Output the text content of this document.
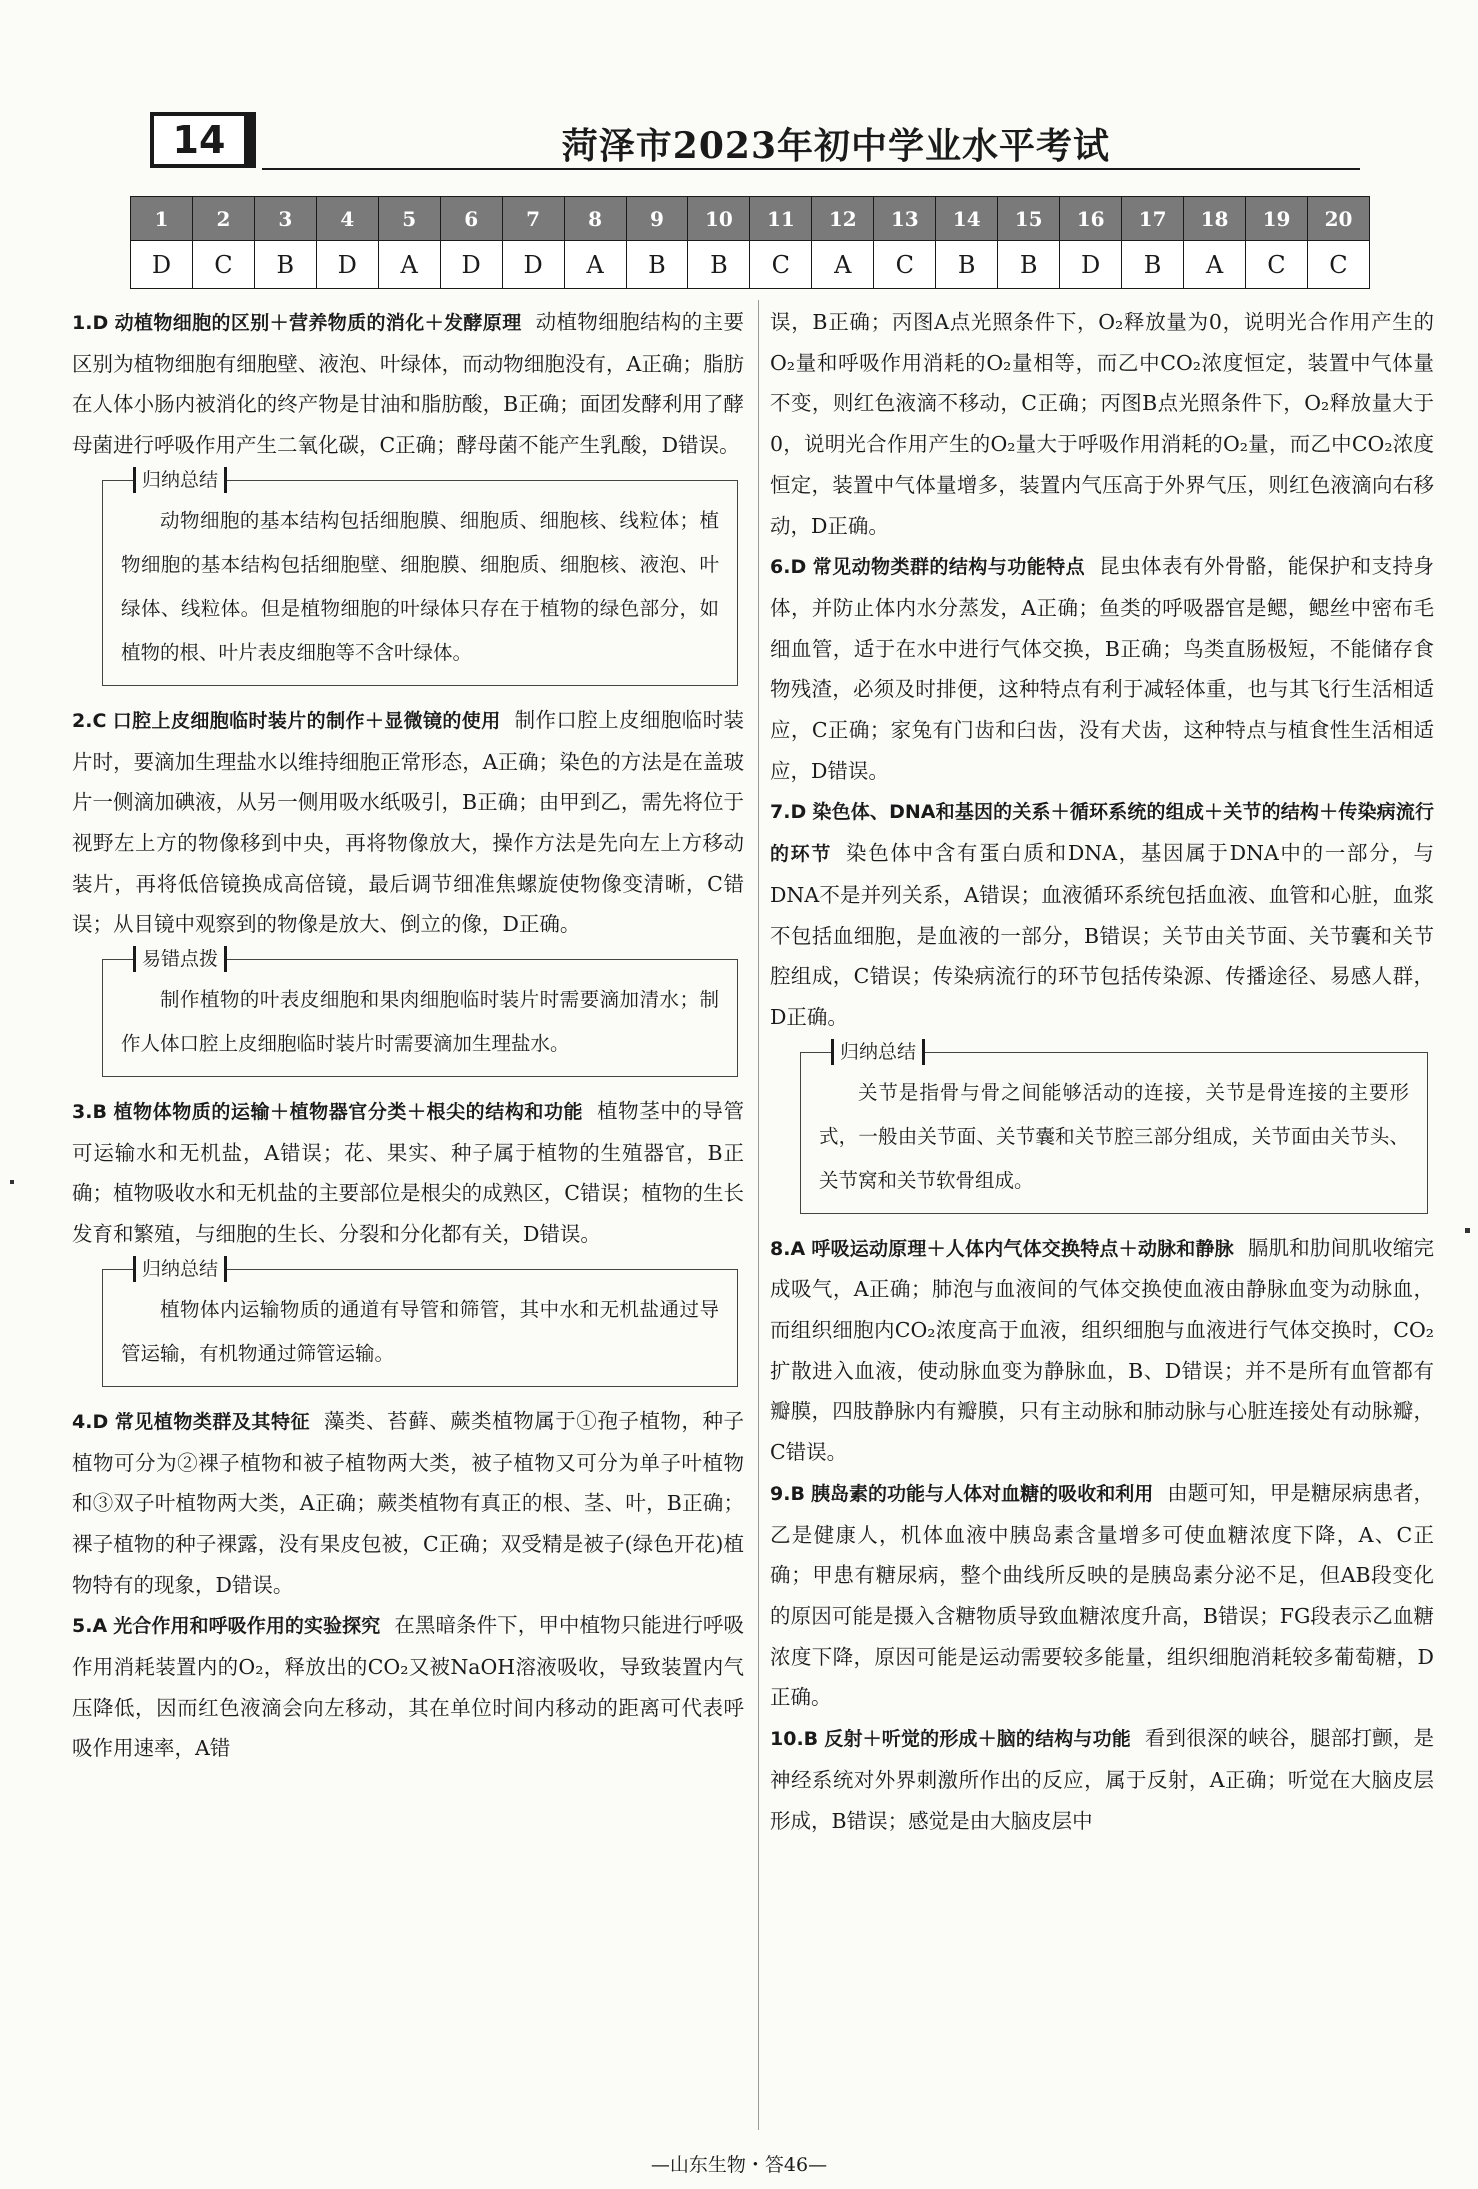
14	菏泽市2023年初中学业水平考试
1	2	3	4	5	6	7	8	9	10	11	12	13	14	15	16	17	18	19	20
D	C	B	D	A	D	D	A	B	B	C	A	C	B	B	D	B	A	C	C
1.D 动植物细胞的区别＋营养物质的消化＋发酵原理 动植物细胞结构的主要区别为植物细胞有细胞壁、液泡、叶绿体，而动物细胞没有，A正确；脂肪在人体小肠内被消化的终产物是甘油和脂肪酸，B正确；面团发酵利用了酵母菌进行呼吸作用产生二氧化碳，C正确；酵母菌不能产生乳酸，D错误。
归纳总结
动物细胞的基本结构包括细胞膜、细胞质、细胞核、线粒体；植物细胞的基本结构包括细胞壁、细胞膜、细胞质、细胞核、液泡、叶绿体、线粒体。但是植物细胞的叶绿体只存在于植物的绿色部分，如植物的根、叶片表皮细胞等不含叶绿体。
2.C 口腔上皮细胞临时装片的制作＋显微镜的使用 制作口腔上皮细胞临时装片时，要滴加生理盐水以维持细胞正常形态，A正确；染色的方法是在盖玻片一侧滴加碘液，从另一侧用吸水纸吸引，B正确；由甲到乙，需先将位于视野左上方的物像移到中央，再将物像放大，操作方法是先向左上方移动装片，再将低倍镜换成高倍镜，最后调节细准焦螺旋使物像变清晰，C错误；从目镜中观察到的物像是放大、倒立的像，D正确。
易错点拨
制作植物的叶表皮细胞和果肉细胞临时装片时需要滴加清水；制作人体口腔上皮细胞临时装片时需要滴加生理盐水。
3.B 植物体物质的运输＋植物器官分类＋根尖的结构和功能 植物茎中的导管可运输水和无机盐，A错误；花、果实、种子属于植物的生殖器官，B正确；植物吸收水和无机盐的主要部位是根尖的成熟区，C错误；植物的生长发育和繁殖，与细胞的生长、分裂和分化都有关，D错误。
归纳总结
植物体内运输物质的通道有导管和筛管，其中水和无机盐通过导管运输，有机物通过筛管运输。
4.D 常见植物类群及其特征 藻类、苔藓、蕨类植物属于①孢子植物，种子植物可分为②裸子植物和被子植物两大类，被子植物又可分为单子叶植物和③双子叶植物两大类，A正确；蕨类植物有真正的根、茎、叶，B正确；裸子植物的种子裸露，没有果皮包被，C正确；双受精是被子(绿色开花)植物特有的现象，D错误。
5.A 光合作用和呼吸作用的实验探究 在黑暗条件下，甲中植物只能进行呼吸作用消耗装置内的O₂，释放出的CO₂又被NaOH溶液吸收，导致装置内气压降低，因而红色液滴会向左移动，其在单位时间内移动的距离可代表呼吸作用速率，A错
误，B正确；丙图A点光照条件下，O₂释放量为0，说明光合作用产生的O₂量和呼吸作用消耗的O₂量相等，而乙中CO₂浓度恒定，装置中气体量不变，则红色液滴不移动，C正确；丙图B点光照条件下，O₂释放量大于0，说明光合作用产生的O₂量大于呼吸作用消耗的O₂量，而乙中CO₂浓度恒定，装置中气体量增多，装置内气压高于外界气压，则红色液滴向右移动，D正确。
6.D 常见动物类群的结构与功能特点 昆虫体表有外骨骼，能保护和支持身体，并防止体内水分蒸发，A正确；鱼类的呼吸器官是鳃，鳃丝中密布毛细血管，适于在水中进行气体交换，B正确；鸟类直肠极短，不能储存食物残渣，必须及时排便，这种特点有利于减轻体重，也与其飞行生活相适应，C正确；家兔有门齿和臼齿，没有犬齿，这种特点与植食性生活相适应，D错误。
7.D 染色体、DNA和基因的关系＋循环系统的组成＋关节的结构＋传染病流行的环节 染色体中含有蛋白质和DNA，基因属于DNA中的一部分，与DNA不是并列关系，A错误；血液循环系统包括血液、血管和心脏，血浆不包括血细胞，是血液的一部分，B错误；关节由关节面、关节囊和关节腔组成，C错误；传染病流行的环节包括传染源、传播途径、易感人群，D正确。
归纳总结
关节是指骨与骨之间能够活动的连接，关节是骨连接的主要形式，一般由关节面、关节囊和关节腔三部分组成，关节面由关节头、关节窝和关节软骨组成。
8.A 呼吸运动原理＋人体内气体交换特点＋动脉和静脉 膈肌和肋间肌收缩完成吸气，A正确；肺泡与血液间的气体交换使血液由静脉血变为动脉血，而组织细胞内CO₂浓度高于血液，组织细胞与血液进行气体交换时，CO₂扩散进入血液，使动脉血变为静脉血，B、D错误；并不是所有血管都有瓣膜，四肢静脉内有瓣膜，只有主动脉和肺动脉与心脏连接处有动脉瓣，C错误。
9.B 胰岛素的功能与人体对血糖的吸收和利用 由题可知，甲是糖尿病患者，乙是健康人，机体血液中胰岛素含量增多可使血糖浓度下降，A、C正确；甲患有糖尿病，整个曲线所反映的是胰岛素分泌不足，但AB段变化的原因可能是摄入含糖物质导致血糖浓度升高，B错误；FG段表示乙血糖浓度下降，原因可能是运动需要较多能量，组织细胞消耗较多葡萄糖，D正确。
10.B 反射＋听觉的形成＋脑的结构与功能 看到很深的峡谷，腿部打颤，是神经系统对外界刺激所作出的反应，属于反射，A正确；听觉在大脑皮层形成，B错误；感觉是由大脑皮层中
—山东生物・答46—
